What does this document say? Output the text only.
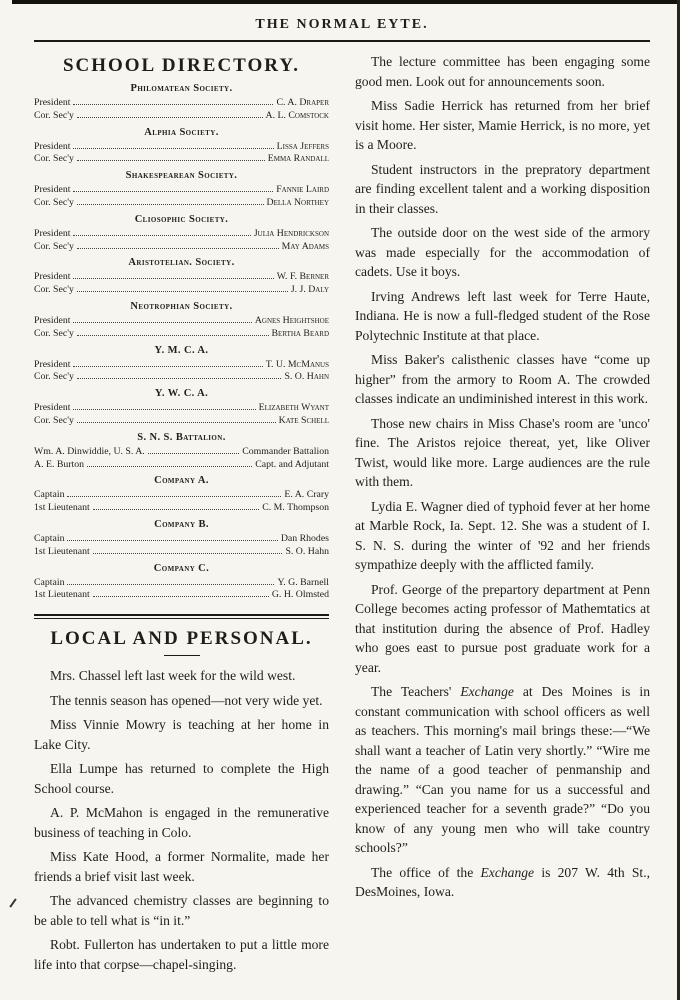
THE NORMAL EYTE.
SCHOOL DIRECTORY.
Philomatean Society.
President	C. A. Draper
Cor. Sec'y	A. L. Comstock
Alphia Society.
President	Lissa Jeffers
Cor. Sec'y	Emma Randall
Shakespearean Society.
President	Fannie Laird
Cor. Sec'y	Della Northey
Cliosophic Society.
President	Julia Hendrickson
Cor. Sec'y	May Adams
Aristotelian. Society.
President	W. F. Berner
Cor. Sec'y	J. J. Daly
Neotrophian Society.
President	Agnes Heightshoe
Cor. Sec'y	Bertha Beard
Y. M. C. A.
President	T. U. McManus
Cor. Sec'y	S. O. Hahn
Y. W. C. A.
President	Elizabeth Wyant
Cor. Sec'y	Kate Schell
S. N. S. Battalion.
Wm. A. Dinwiddie, U. S. A.	Commander Battalion
A. E. Burton	Capt. and Adjutant
Company A.
Captain	E. A. Crary
1st Lieutenant	C. M. Thompson
Company B.
Captain	Dan Rhodes
1st Lieutenant	S. O. Hahn
Company C.
Captain	Y. G. Barnell
1st Lieutenant	G. H. Olmsted
LOCAL AND PERSONAL.

Mrs. Chassel left last week for the wild west.

The tennis season has opened—not very wide yet.

Miss Vinnie Mowry is teaching at her home in Lake City.

Ella Lumpe has returned to complete the High School course.

A. P. McMahon is engaged in the remunerative business of teaching in Colo.

Miss Kate Hood, a former Normalite, made her friends a brief visit last week.

The advanced chemistry classes are beginning to be able to tell what is “in it.”

Robt. Fullerton has undertaken to put a little more life into that corpse—chapel-singing.

The lecture committee has been engaging some good men. Look out for announcements soon.

Miss Sadie Herrick has returned from her brief visit home. Her sister, Mamie Herrick, is no more, yet is a Moore.

Student instructors in the prepratory department are finding excellent talent and a working disposition in their classes.

The outside door on the west side of the armory was made especially for the accommodation of cadets. Use it boys.

Irving Andrews left last week for Terre Haute, Indiana. He is now a full-fledged student of the Rose Polytechnic Institute at that place.

Miss Baker's calisthenic classes have “come up higher” from the armory to Room A. The crowded classes indicate an undiminished interest in this work.

Those new chairs in Miss Chase's room are 'unco' fine. The Aristos rejoice thereat, yet, like Oliver Twist, would like more. Large audiences are the rule with them.

Lydia E. Wagner died of typhoid fever at her home at Marble Rock, Ia. Sept. 12. She was a student of I. S. N. S. during the winter of '92 and her friends sympathize deeply with the afflicted family.

Prof. George of the prepartory department at Penn College becomes acting professor of Mathemtatics at that institution during the absence of Prof. Hadley who goes east to pursue post graduate work for a year.

The Teachers' Exchange at Des Moines is in constant communication with school officers as well as teachers. This morning's mail brings these:—“We shall want a teacher of Latin very shortly.” “Wire me the name of a good teacher of penmanship and drawing.” “Can you name for us a successful and experienced teacher for a seventh grade?” “Do you know of any young men who will take country schools?”

The office of the Exchange is 207 W. 4th St., DesMoines, Iowa.
